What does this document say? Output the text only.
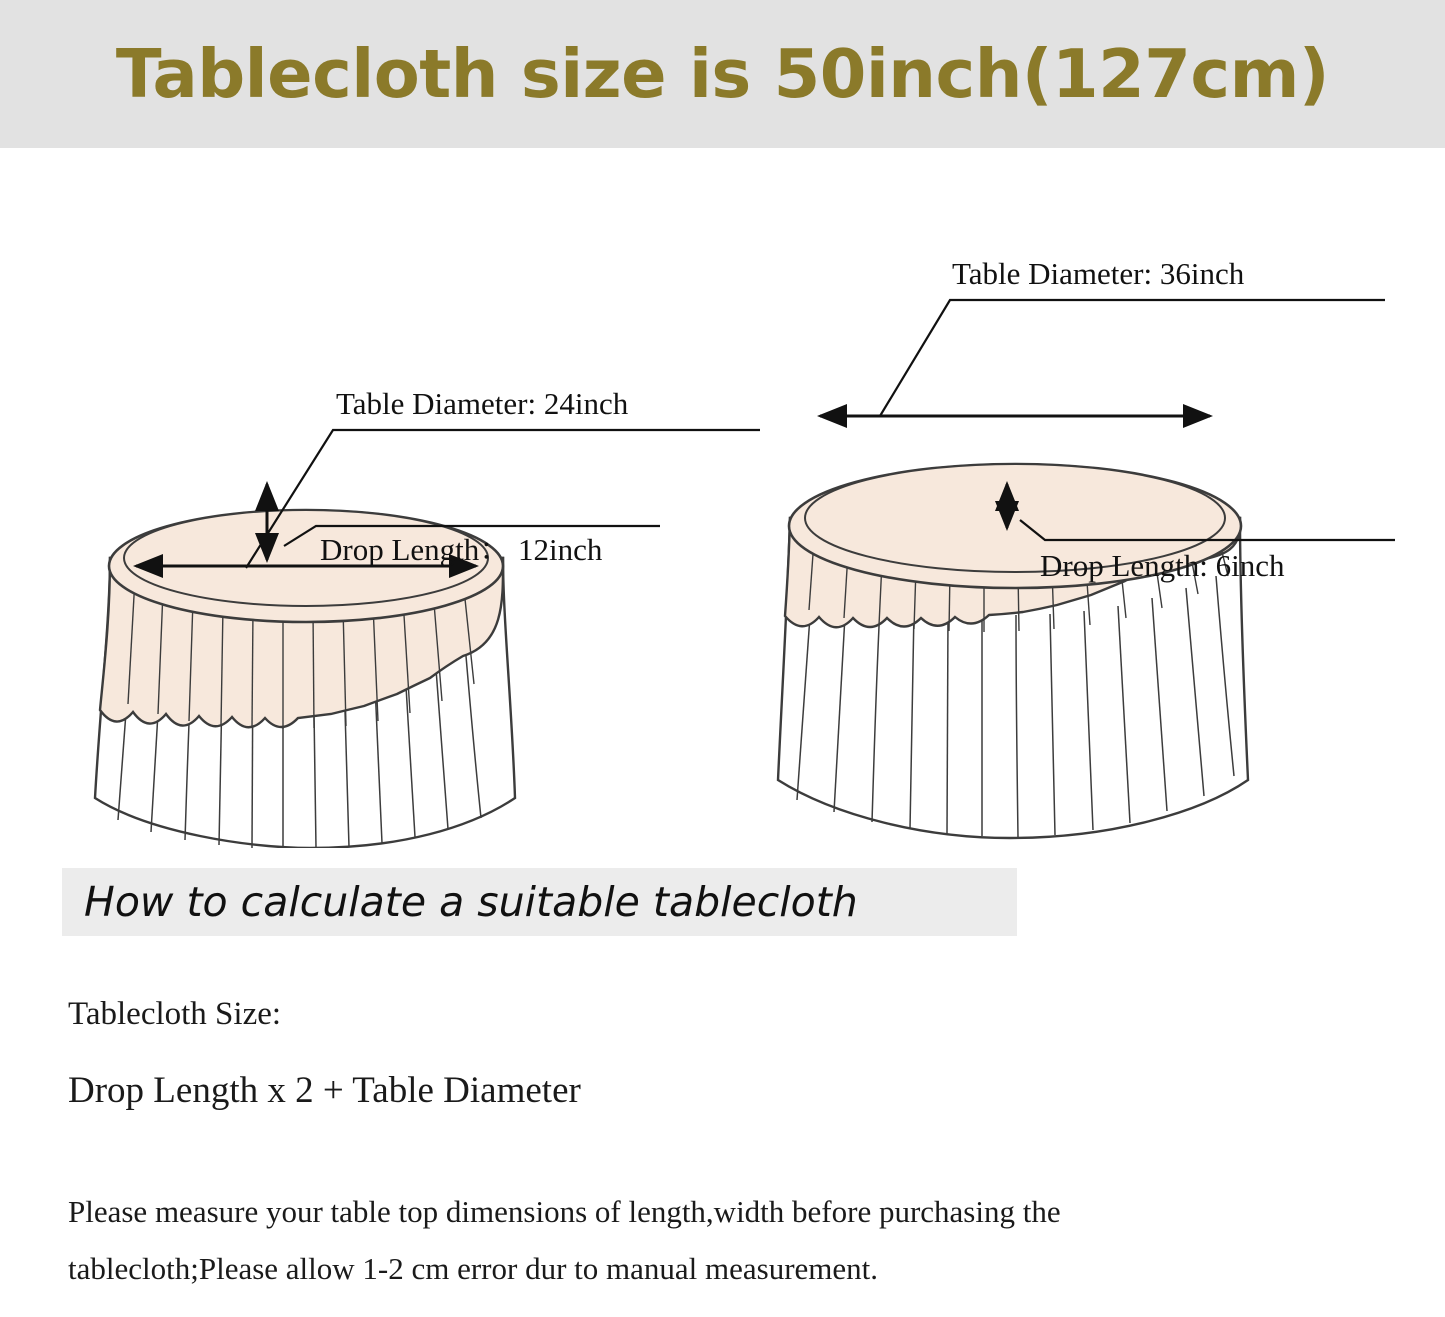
Tablecloth size is 50inch(127cm)
Table Diameter: 24inch
Drop Length： 12inch
Table Diameter: 36inch
Drop Length: 6inch
How to calculate a suitable tablecloth
Tablecloth Size:
Drop Length x 2 + Table Diameter
Please measure your table top dimensions of length,width before purchasing the
tablecloth;Please allow 1-2 cm error dur to manual measurement.
